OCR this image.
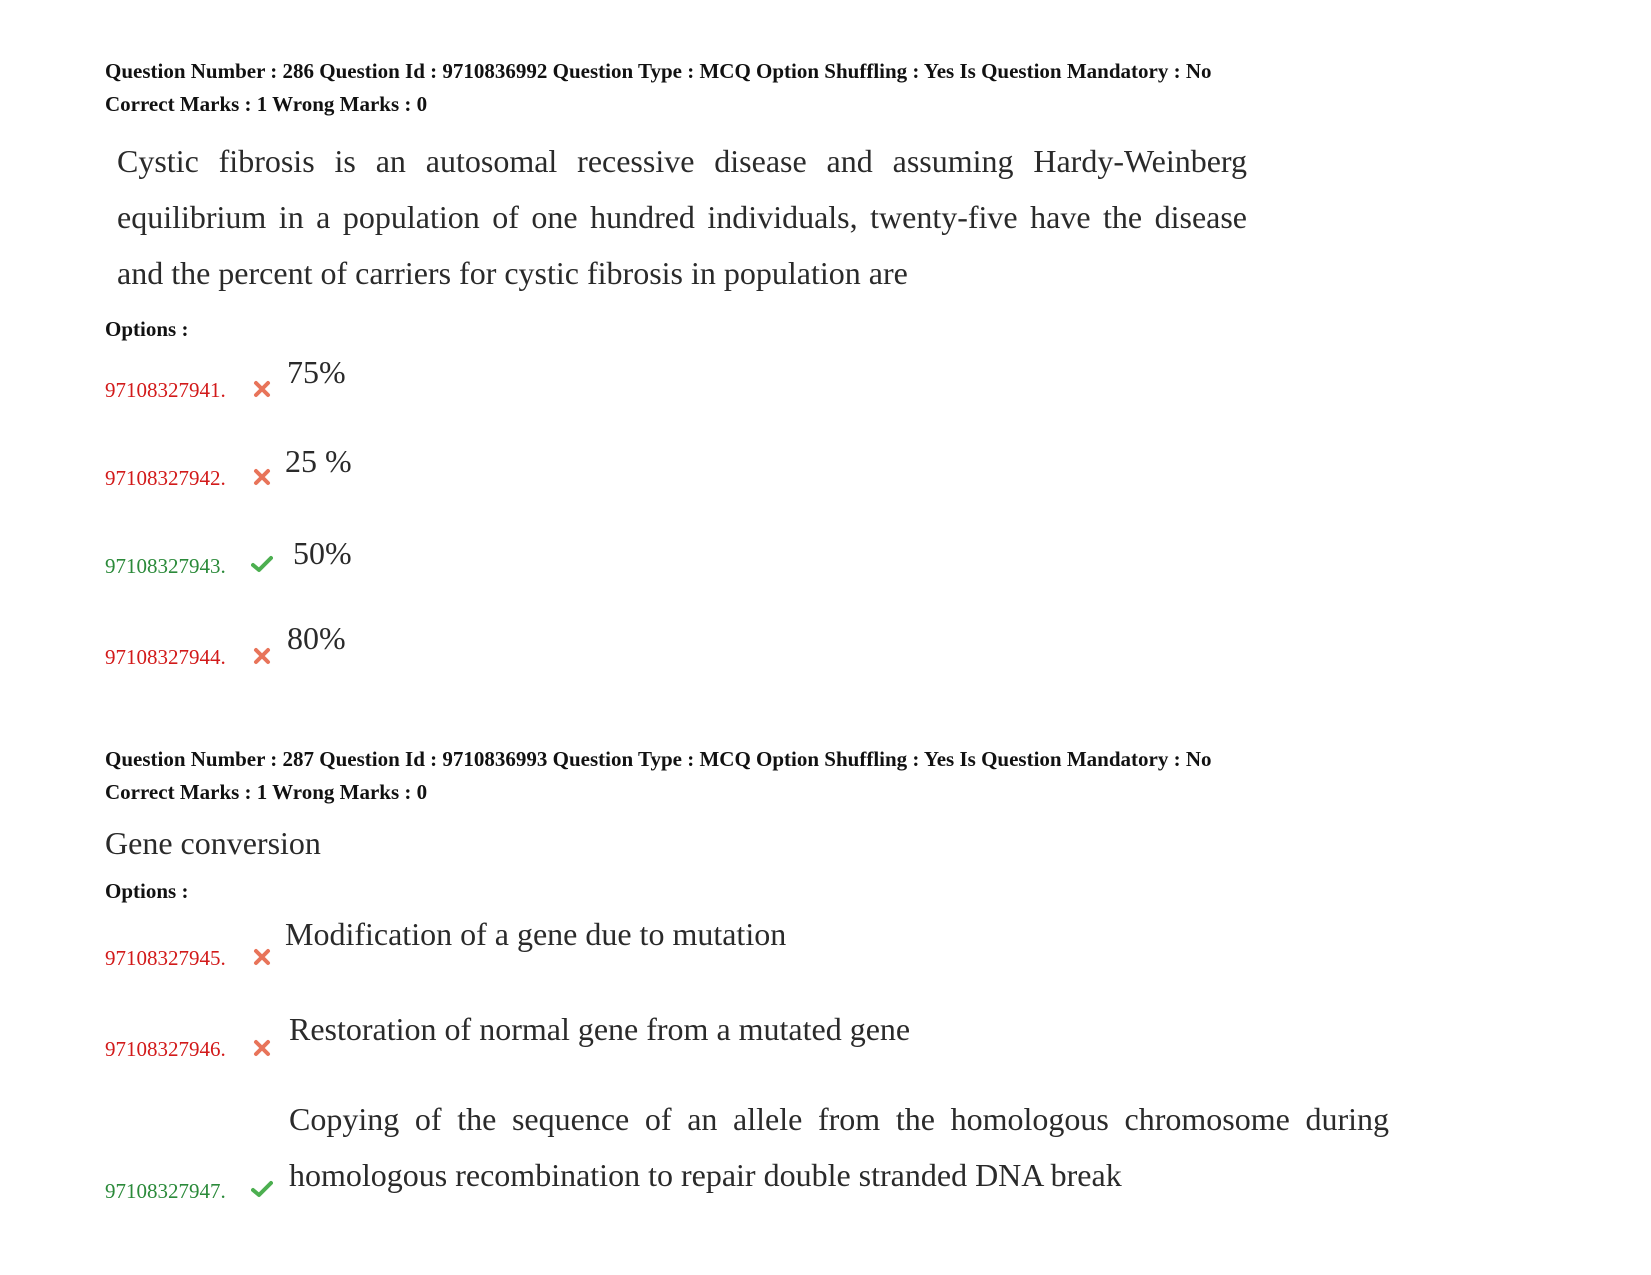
Question Number : 286 Question Id : 9710836992 Question Type : MCQ Option Shuffling : Yes Is Question Mandatory : No
Correct Marks : 1 Wrong Marks : 0
Cystic fibrosis is an autosomal recessive disease and assuming Hardy-Weinberg equilibrium in a population of one hundred individuals, twenty-five have the disease and the percent of carriers for cystic fibrosis in population are
Options :
97108327941. 75%
97108327942. 25 %
97108327943. 50%
97108327944.
80%
Question Number : 287 Question Id : 9710836993 Question Type : MCQ Option Shuffling : Yes Is Question Mandatory : No
Correct Marks : 1 Wrong Marks : 0
Gene conversion
Options :
97108327945.
Modification of a gene due to mutation
97108327946.
Restoration of normal gene from a mutated gene
97108327947.
Copying of the sequence of an allele from the homologous chromosome during homologous recombination to repair double stranded DNA break
